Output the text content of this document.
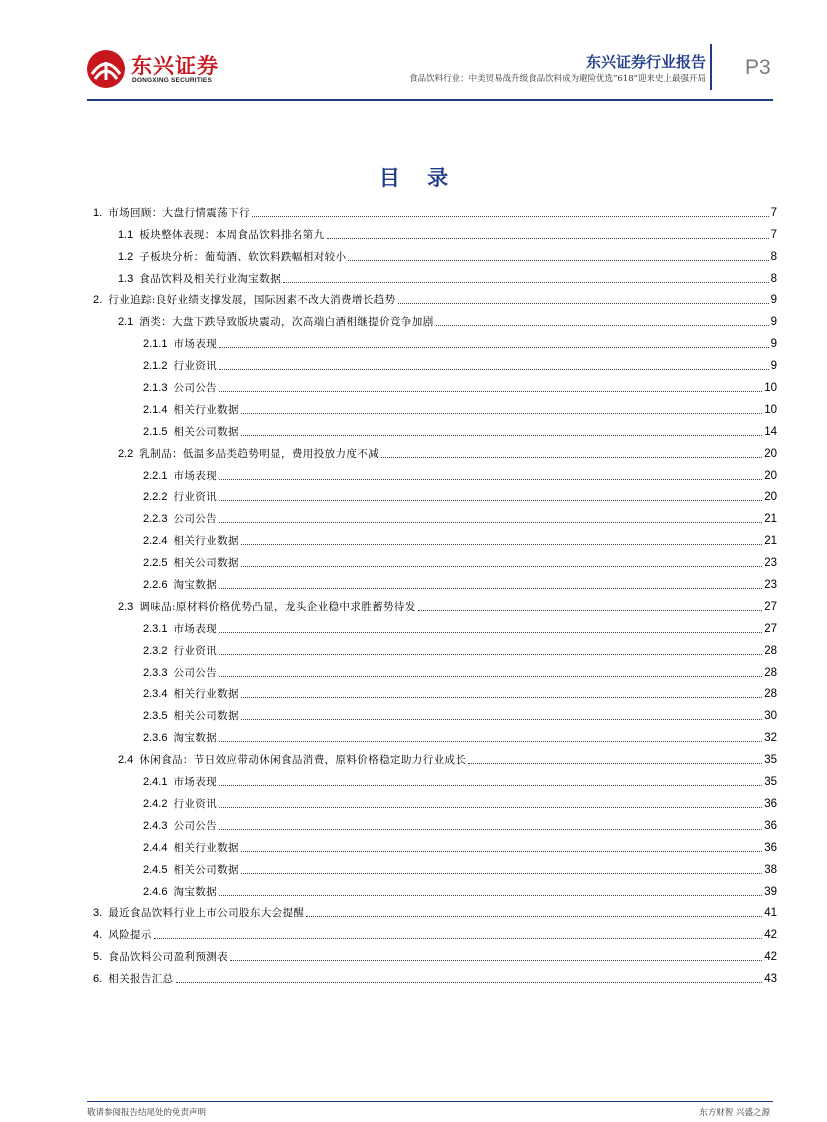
东兴证券
DONGXING SECURITIES
东兴证券行业报告
食品饮料行业：中美贸易战升级食品饮料成为避险优选“618”迎来史上最强开局 P3
目 录
1. 市场回顾：大盘行情震荡下行	7
1.1 板块整体表现：本周食品饮料排名第九	7
1.2 子板块分析：葡萄酒、软饮料跌幅相对较小	8
1.3 食品饮料及相关行业淘宝数据	8
2. 行业追踪:良好业绩支撑发展，国际因素不改大消费增长趋势	9
2.1 酒类：大盘下跌导致版块震动，次高端白酒相继提价竞争加剧	9
2.1.1 市场表现	9
2.1.2 行业资讯	9
2.1.3 公司公告	10
2.1.4 相关行业数据	10
2.1.5 相关公司数据	14
2.2 乳制品：低温多品类趋势明显，费用投放力度不减	20
2.2.1 市场表现	20
2.2.2 行业资讯	20
2.2.3 公司公告	21
2.2.4 相关行业数据	21
2.2.5 相关公司数据	23
2.2.6 淘宝数据	23
2.3 调味品:原材料价格优势凸显，龙头企业稳中求胜蓄势待发	27
2.3.1 市场表现	27
2.3.2 行业资讯	28
2.3.3 公司公告	28
2.3.4 相关行业数据	28
2.3.5 相关公司数据	30
2.3.6 淘宝数据	32
2.4 休闲食品：节日效应带动休闲食品消费，原料价格稳定助力行业成长	35
2.4.1 市场表现	35
2.4.2 行业资讯	36
2.4.3 公司公告	36
2.4.4 相关行业数据	36
2.4.5 相关公司数据	38
2.4.6 淘宝数据	39
3. 最近食品饮料行业上市公司股东大会提醒	41
4. 风险提示	42
5. 食品饮料公司盈利预测表	42
6. 相关报告汇总	43
敬请参阅报告结尾处的免责声明	东方财智 兴盛之源
